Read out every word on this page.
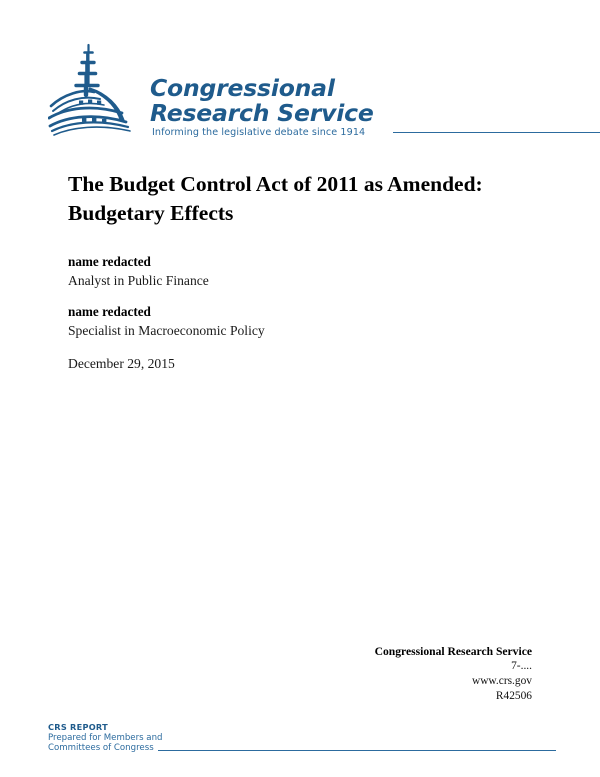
Congressional
Research Service
Informing the legislative debate since 1914
The Budget Control Act of 2011 as Amended:
Budgetary Effects
name redacted
Analyst in Public Finance
name redacted
Specialist in Macroeconomic Policy
December 29, 2015
Congressional Research Service
7-....
www.crs.gov
R42506
CRS REPORT
Prepared for Members and
Committees of Congress
